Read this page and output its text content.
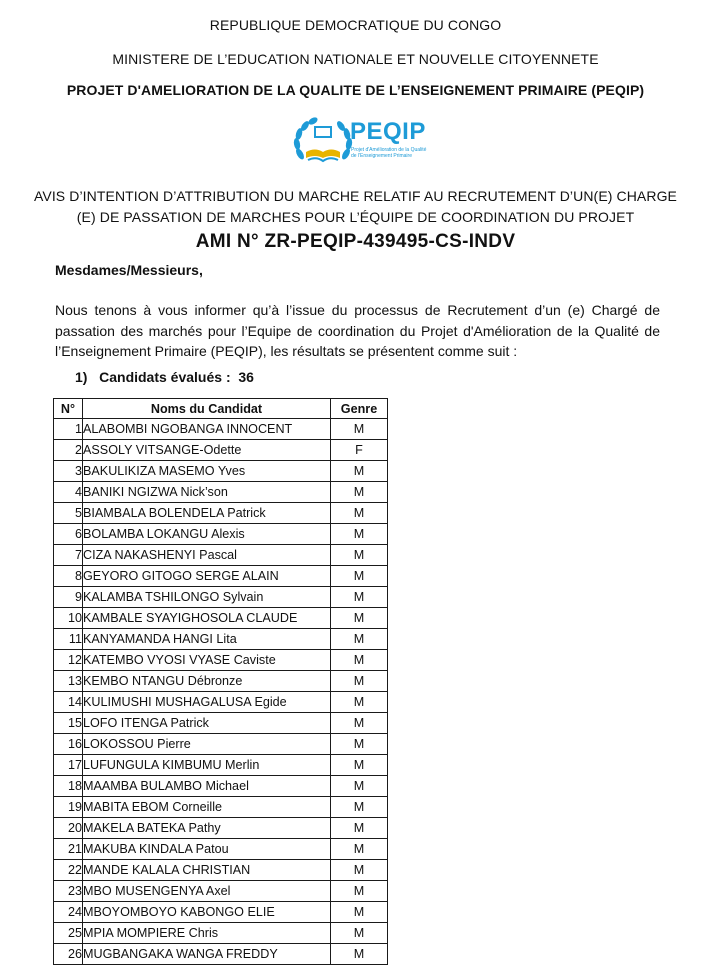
REPUBLIQUE DEMOCRATIQUE DU CONGO
MINISTERE DE L’EDUCATION NATIONALE ET NOUVELLE CITOYENNETE
PROJET D'AMELIORATION DE LA QUALITE DE L’ENSEIGNEMENT PRIMAIRE (PEQIP)
PEQIP
Projet d'Amélioration de la Qualité
de l'Enseignement Primaire
AVIS D’INTENTION D’ATTRIBUTION DU MARCHE RELATIF AU RECRUTEMENT D’UN(E) CHARGE
(E) DE PASSATION DE MARCHES POUR L’ÉQUIPE DE COORDINATION DU PROJET
AMI N° ZR-PEQIP-439495-CS-INDV
Mesdames/Messieurs,
Nous tenons à vous informer qu’à l’issue du processus de Recrutement d’un (e) Chargé de passation des marchés pour l’Equipe de coordination du Projet d'Amélioration de la Qualité de l’Enseignement Primaire (PEQIP), les résultats se présentent comme suit :
1)   Candidats évalués :  36
N°	Noms du Candidat	Genre
1	ALABOMBI NGOBANGA INNOCENT	M
2	ASSOLY VITSANGE-Odette	F
3	BAKULIKIZA MASEMO Yves	M
4	BANIKI NGIZWA Nick’son	M
5	BIAMBALA BOLENDELA Patrick	M
6	BOLAMBA LOKANGU Alexis	M
7	CIZA NAKASHENYI Pascal	M
8	GEYORO GITOGO SERGE ALAIN	M
9	KALAMBA TSHILONGO Sylvain	M
10	KAMBALE SYAYIGHOSOLA CLAUDE	M
11	KANYAMANDA HANGI Lita	M
12	KATEMBO VYOSI VYASE Caviste	M
13	KEMBO NTANGU Débronze	M
14	KULIMUSHI MUSHAGALUSA Egide	M
15	LOFO ITENGA Patrick	M
16	LOKOSSOU Pierre	M
17	LUFUNGULA KIMBUMU Merlin	M
18	MAAMBA BULAMBO Michael	M
19	MABITA EBOM Corneille	M
20	MAKELA BATEKA Pathy	M
21	MAKUBA KINDALA Patou	M
22	MANDE KALALA CHRISTIAN	M
23	MBO MUSENGENYA Axel	M
24	MBOYOMBOYO KABONGO ELIE	M
25	MPIA MOMPIERE Chris	M
26	MUGBANGAKA WANGA FREDDY	M
